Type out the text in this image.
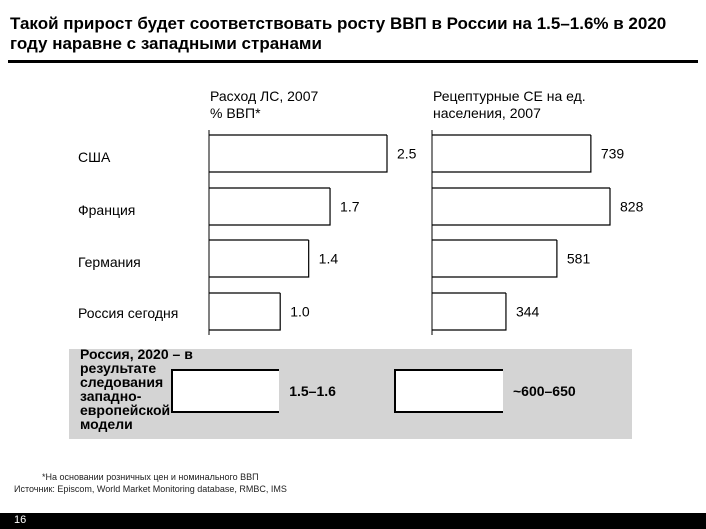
Такой прирост будет соответствовать росту ВВП в России на 1.5–1.6% в 2020 году наравне с западными странами
Расход ЛС, 2007
% ВВП*
Рецептурные СЕ на ед. населения, 2007
США
Франция
Германия
Россия сегодня
Россия, 2020 – в результате следования западно-европейской модели
1.5–1.6	~600–650
2.5
1.7
1.4
1.0
739
828
581
344
*На основании розничных цен и номинального ВВП
Источник: Episcom, World Market Monitoring database, RMBC, IMS
16
